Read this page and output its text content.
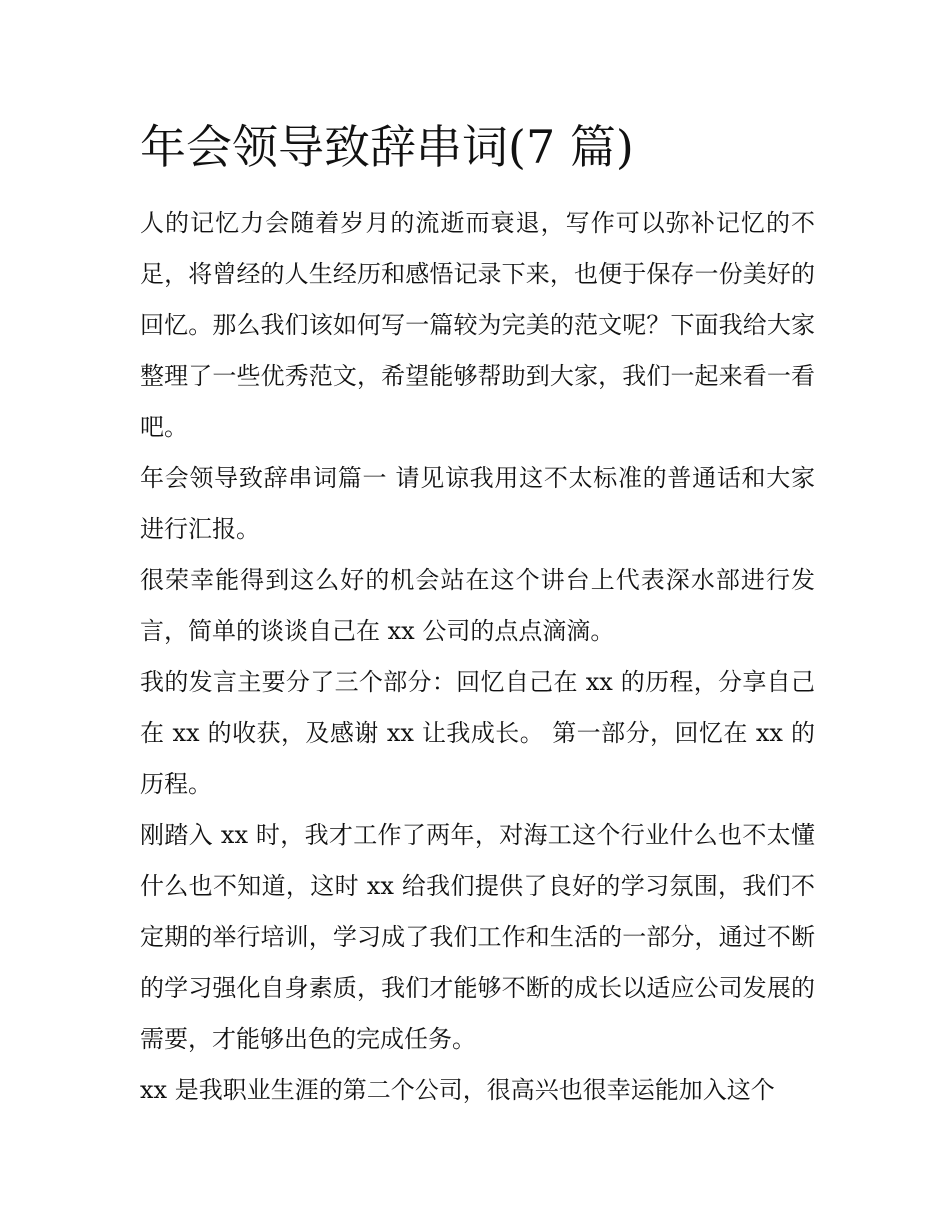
年会领导致辞串词(7 篇)

人的记忆力会随着岁月的流逝而衰退，写作可以弥补记忆的不足，将曾经的人生经历和感悟记录下来，也便于保存一份美好的回忆。那么我们该如何写一篇较为完美的范文呢？下面我给大家整理了一些优秀范文，希望能够帮助到大家，我们一起来看一看吧。

年会领导致辞串词篇一 请见谅我用这不太标准的普通话和大家进行汇报。

很荣幸能得到这么好的机会站在这个讲台上代表深水部进行发言，简单的谈谈自己在 xx 公司的点点滴滴。

我的发言主要分了三个部分：回忆自己在 xx 的历程，分享自己在 xx 的收获，及感谢 xx 让我成长。 第一部分，回忆在 xx 的历程。

刚踏入 xx 时，我才工作了两年，对海工这个行业什么也不太懂什么也不知道，这时 xx 给我们提供了良好的学习氛围，我们不定期的举行培训，学习成了我们工作和生活的一部分，通过不断的学习强化自身素质，我们才能够不断的成长以适应公司发展的需要，才能够出色的完成任务。

xx 是我职业生涯的第二个公司，很高兴也很幸运能加入这个
